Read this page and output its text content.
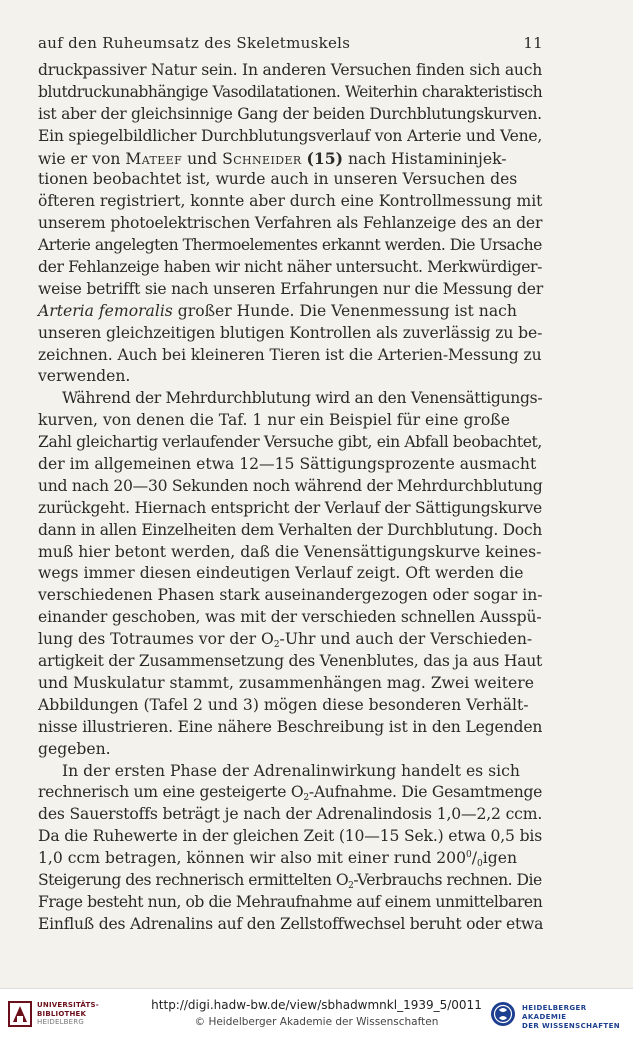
auf den Ruheumsatz des Skeletmuskels	11
druckpassiver Natur sein. In anderen Versuchen finden sich auch
blutdruckunabhängige Vasodilatationen. Weiterhin charakteristisch
ist aber der gleichsinnige Gang der beiden Durchblutungskurven.
Ein spiegelbildlicher Durchblutungsverlauf von Arterie und Vene,
wie er von Mateef und Schneider (15) nach Histamininjek-
tionen beobachtet ist, wurde auch in unseren Versuchen des
öfteren registriert, konnte aber durch eine Kontrollmessung mit
unserem photoelektrischen Verfahren als Fehlanzeige des an der
Arterie angelegten Thermoelementes erkannt werden. Die Ursache
der Fehlanzeige haben wir nicht näher untersucht. Merkwürdiger-
weise betrifft sie nach unseren Erfahrungen nur die Messung der
Arteria femoralis großer Hunde. Die Venenmessung ist nach
unseren gleichzeitigen blutigen Kontrollen als zuverlässig zu be-
zeichnen. Auch bei kleineren Tieren ist die Arterien-Messung zu
verwenden.
Während der Mehrdurchblutung wird an den Venensättigungs-
kurven, von denen die Taf. 1 nur ein Beispiel für eine große
Zahl gleichartig verlaufender Versuche gibt, ein Abfall beobachtet,
der im allgemeinen etwa 12—15 Sättigungsprozente ausmacht
und nach 20—30 Sekunden noch während der Mehrdurchblutung
zurückgeht. Hiernach entspricht der Verlauf der Sättigungskurve
dann in allen Einzelheiten dem Verhalten der Durchblutung. Doch
muß hier betont werden, daß die Venensättigungskurve keines-
wegs immer diesen eindeutigen Verlauf zeigt. Oft werden die
verschiedenen Phasen stark auseinandergezogen oder sogar in-
einander geschoben, was mit der verschieden schnellen Ausspü-
lung des Totraumes vor der $O_2$-Uhr und auch der Verschieden-
artigkeit der Zusammensetzung des Venenblutes, das ja aus Haut
und Muskulatur stammt, zusammenhängen mag. Zwei weitere
Abbildungen (Tafel 2 und 3) mögen diese besonderen Verhält-
nisse illustrieren. Eine nähere Beschreibung ist in den Legenden
gegeben.
In der ersten Phase der Adrenalinwirkung handelt es sich
rechnerisch um eine gesteigerte $O_2$-Aufnahme. Die Gesamtmenge
des Sauerstoffs beträgt je nach der Adrenalindosis 1,0—2,2 ccm.
Da die Ruhewerte in der gleichen Zeit (10—15 Sek.) etwa 0,5 bis
1,0 ccm betragen, können wir also mit einer rund $200^0/_0igen$
Steigerung des rechnerisch ermittelten $O_2$-Verbrauchs rechnen. Die
Frage besteht nun, ob die Mehraufnahme auf einem unmittelbaren
Einfluß des Adrenalins auf den Zellstoffwechsel beruht oder etwa
UNIVERSITÄTS-
BIBLIOTHEK
HEIDELBERG
http://digi.hadw-bw.de/view/sbhadwmnkl_1939_5/0011
© Heidelberger Akademie der Wissenschaften
HEIDELBERGER AKADEMIE
DER WISSENSCHAFTEN
